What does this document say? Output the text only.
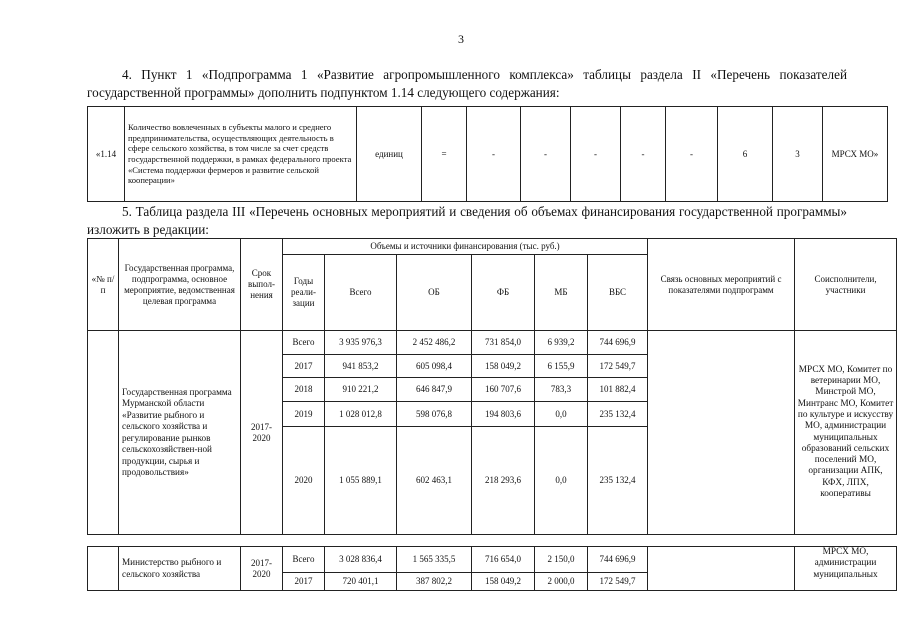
3
4. Пункт 1 «Подпрограмма 1 «Развитие агропромышленного комплекса» таблицы раздела II «Перечень показателей государственной программы» дополнить подпунктом 1.14 следующего содержания:
«1.14	Количество вовлеченных в субъекты малого и среднего предпринимательства, осуществляющих деятельность в сфере сельского хозяйства, в том числе за счет средств государственной поддержки, в рамках федерального проекта «Система поддержки фермеров и развитие сельской кооперации»	единиц	=	-	-	-	-	-	6	3	МРСХ МО»
5. Таблица раздела III «Перечень основных мероприятий и сведения об объемах финансирования государственной программы» изложить в редакции:
«№ п/п	Государственная программа, подпрограмма, основное мероприятие, ведомственная целевая программа	Срок выпол-нения	Объемы и источники финансирования (тыс. руб.)						Связь основных мероприятий с показателями подпрограмм	Соисполнители, участники
			Годы реали-зации	Всего	ОБ	ФБ	МБ	ВБС		
	Государственная программа Мурманской области «Развитие рыбного и сельского хозяйства и регулирование рынков сельскохозяйствен-ной продукции, сырья и продовольствия»	2017-2020	Всего	3 935 976,3	2 452 486,2	731 854,0	6 939,2	744 696,9		МРСХ МО, Комитет по ветеринарии МО, Минстрой МО, Минтранс МО, Комитет по культуре и искусству МО, администрации муниципальных образований сельских поселений МО, организации АПК, КФХ, ЛПХ, кооперативы
			2017	941 853,2	605 098,4	158 049,2	6 155,9	172 549,7		
			2018	910 221,2	646 847,9	160 707,6	783,3	101 882,4		
			2019	1 028 012,8	598 076,8	194 803,6	0,0	235 132,4		
			2020	1 055 889,1	602 463,1	218 293,6	0,0	235 132,4		

	Министерство рыбного и сельского хозяйства	2017-2020	Всего	3 028 836,4	1 565 335,5	716 654,0	2 150,0	744 696,9		МРСХ МО, администрации муниципальных
			2017	720 401,1	387 802,2	158 049,2	2 000,0	172 549,7		
